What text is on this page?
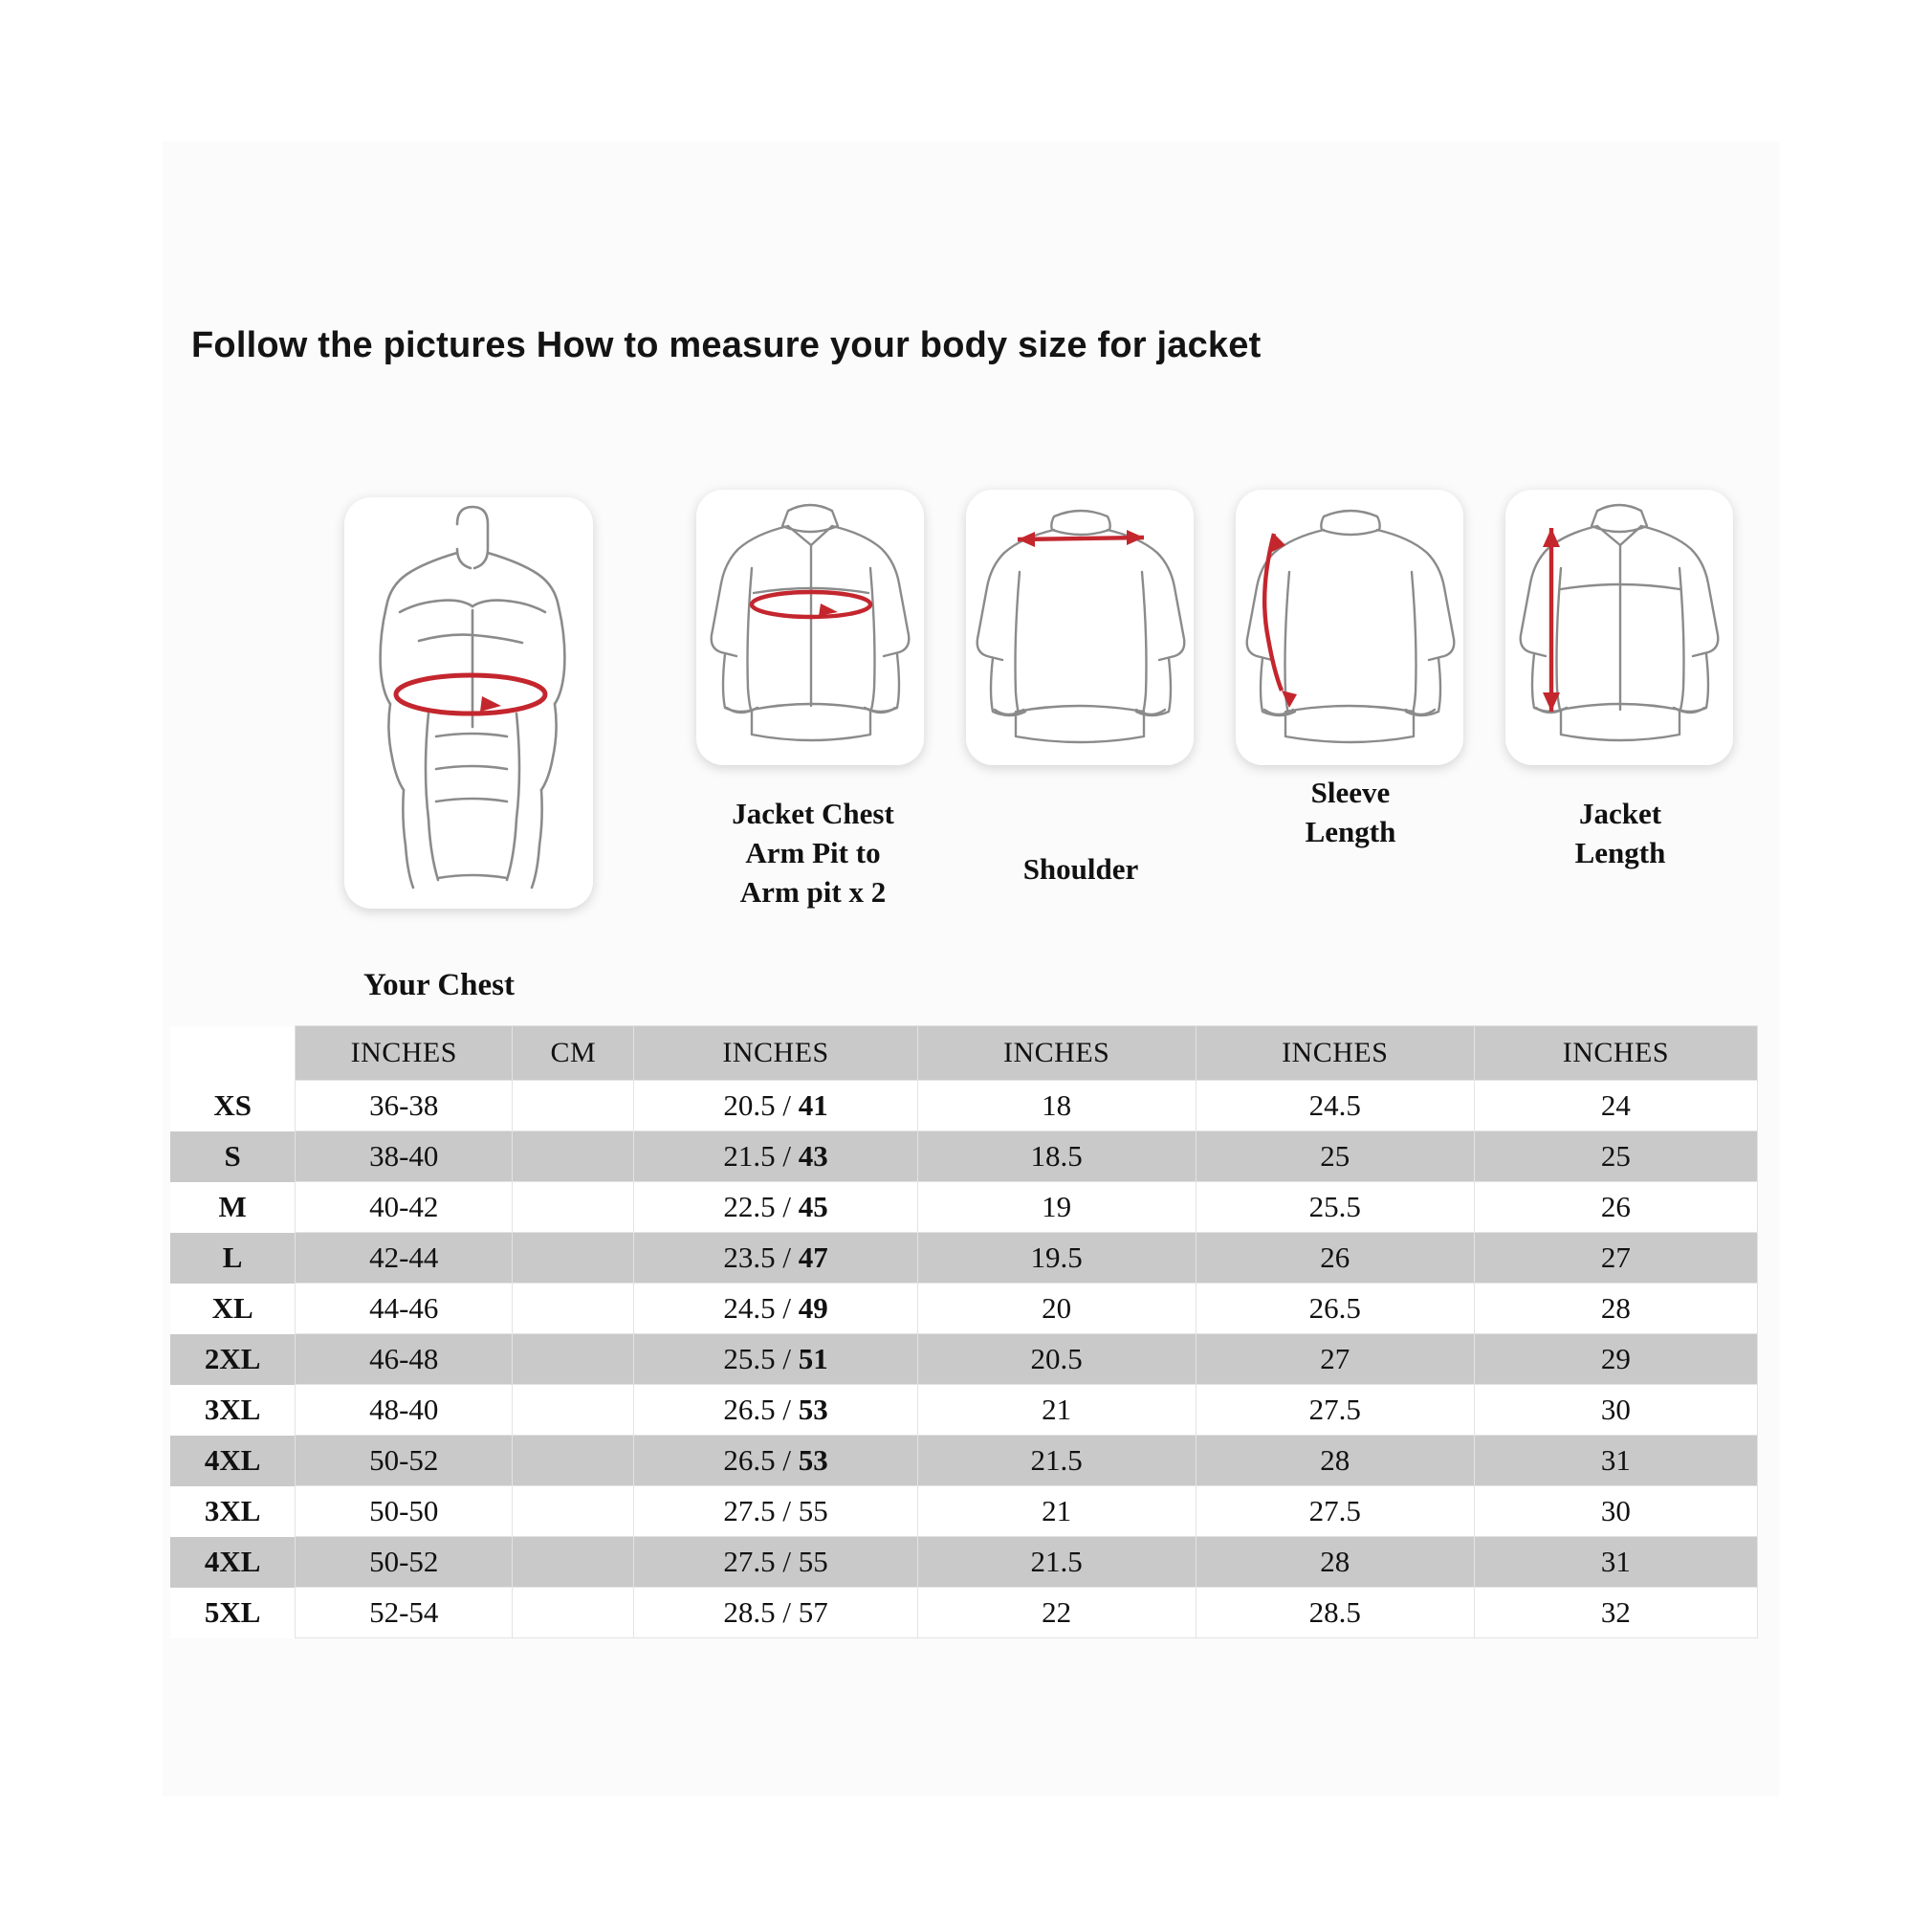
Follow the pictures How to measure your body size for jacket
Jacket Chest
Arm Pit to
Arm pit x 2
Shoulder
Sleeve
Length
Jacket
Length
Your Chest
	INCHES	CM	INCHES	INCHES	INCHES	INCHES
XS	36-38		20.5 / 41	18	24.5	24
S	38-40		21.5 / 43	18.5	25	25
M	40-42		22.5 / 45	19	25.5	26
L	42-44		23.5 / 47	19.5	26	27
XL	44-46		24.5 / 49	20	26.5	28
2XL	46-48		25.5 / 51	20.5	27	29
3XL	48-40		26.5 / 53	21	27.5	30
4XL	50-52		26.5 / 53	21.5	28	31
3XL	50-50		27.5 / 55	21	27.5	30
4XL	50-52		27.5 / 55	21.5	28	31
5XL	52-54		28.5 / 57	22	28.5	32
